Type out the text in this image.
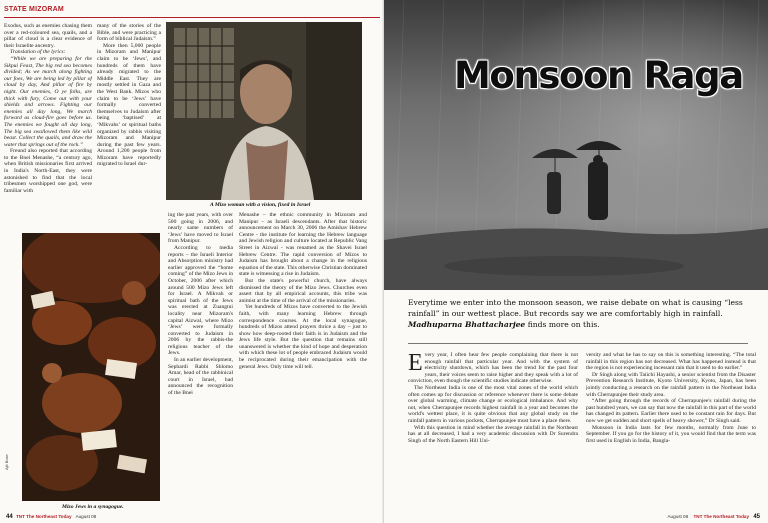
STATE MIZORAM

Exodus, such as enemies chasing them over a red-coloured sea, quails, and a pillar of cloud is a clear evidence of their Israelite ancestry.

Translation of the lyrics:

“While we are preparing for the Sikpui Feast, The big red sea becomes divided; As we march along fighting our foes, We are being led by pillar of cloud by day, And pillar of fire by night. Our enemies, O ye folks, are thick with fury, Come out with your shields and arrows. Fighting our enemies all day long, We march forward as cloud-fire goes before us. The enemies we fought all day long, The big sea swallowed them like wild beast. Collect the quails, and draw the water that springs out of the rock.”

Freund also reported that according to the Bnei Menashe, “a century ago, when British missionaries first arrived in India's North-East, they were astonished to find that the local tribesmen worshipped one god, were familiar with

many of the stories of the Bible, and were practicing a form of biblical Judaism.”

More then 5,000 people in Mizoram and Manipur claim to be ‘Jews’, and hundreds of them have already migrated to the Middle East. They are mostly settled in Gaza and the West Bank. Mizos who claim to be ‘Jews’ have formally converted themselves to Judaism after being ‘baptised’ at ‘Mikvahs’ or spiritual baths organized by rabbis visiting Mizoram and Manipur during the past few years. Around 1,200 people from Mizoram have reportedly migrated to Israel dur-

A Mizo woman with a vision, fixed in Israel
Ajit Bose
Mizo Jews in a synagogue.

ing the past years, with over 500 going in 2006, and nearly same numbers of ‘Jews’ have moved to Israel from Manipur.

According to media reports – the Israeli Interior and Absorption ministry had earlier approved the “home coming” of the Mizo Jews in October, 2006 after which around 500 Mizo Jews left for Israel. A Mikvah or spiritual bath of the Jews was erected at Zuangtui locality near Mizoram's capital Aizwal, where Mizo ‘Jews’ were formally converted to Judaism in 2006 by the rabbis-the religious teacher of the Jews.

In an earlier development, Sephardi Rabbi Shlomo Amar, head of the rabbinical court in Israel, had announced the recognition of the Bnei

Menashe – the ethnic community in Mizoram and Manipur – as Israeli descendants. After that historic announcement on March 30, 2006 the Amishav Hebrew Centre - the institute for learning the Hebrew language and Jewish religion and culture located at Republic Vang Street in Aizwal - was renamed as the Shavei Israel Hebrew Centre. The rapid conversion of Mizos to Judaism has brought about a change in the religious equation of the state. This otherwise Christian dominated state is witnessing a rise in Judaism.

But the state's powerful church, have always dismissed the theory of the Mizo Jews. Churches even assert that by all empirical accounts, this tribe was animist at the time of the arrival of the missionaries.

Yet hundreds of Mizos have converted to the Jewish faith, with many learning Hebrew through correspondence courses. At the local synagogue, hundreds of Mizos attend prayers thrice a day – just to show how deep-rooted their faith is in Judaism and the Jews life style. But the question that remains still unanswered is whether the kind of hope and desperation with which these lot of people embraced Judaism would be reciprocated during their emancipation with the general Jews. Only time will tell.

44 TNT The Northeast Today August 08
Monsoon Raga
Everytime we enter into the monsoon season, we raise debate on what is causing “less rainfall” in our wettest place. But records say we are comfortably high in rainfall. Madhuparna Bhattacharjee finds more on this.
E very year, I often hear few people complaining that there is not enough rainfall that particular year. And with the system of electricity shutdown, which has been the trend for the past four years, their voices seem to raise higher and they speak with a lot of conviction, even though the scientific studies indicate otherwise.

The Northeast India is one of the most vital zones of the world which often comes up for discussion or reference whenever there is some debate over global warming, climate change or ecological imbalance. And why not, when Cherrapunjee records highest rainfall in a year and becomes the world's wettest place, it is quite obvious that any global study on the rainfall pattern in various pockets, Cherrapunjee must have a place there.

With this question in mind whether the average rainfall in the Northeast has at all decreased, I had a very academic discussion with Dr Surendra Singh of the North Eastern Hill Uni-

versity and what he has to say on this is something interesting. “The total rainfall in this region has not decreased. What has happened instead is that the region is not experiencing incessant rain that it used to do earlier.”

Dr Singh along with Taiichi Hayashi, a senior scientist from the Disaster Prevention Research Institute, Kyoto University, Kyoto, Japan, has been jointly conducting a research on the rainfall pattern in the Northeast India with Cherrapunjee their study area.

“After going through the records of Cherrapunjee's rainfall during the past hundred years, we can say that now the rainfall in this part of the world has changed its pattern. Earlier there used to be constant rain for days. But now we get sudden and short spells of heavy shower,” Dr Singh said.

Monsoon in India lasts for few months, normally from June to September. If you go for the history of it, you would find that the term was first used in English in India, Bangla-

August 08 TNT The Northeast Today 45
